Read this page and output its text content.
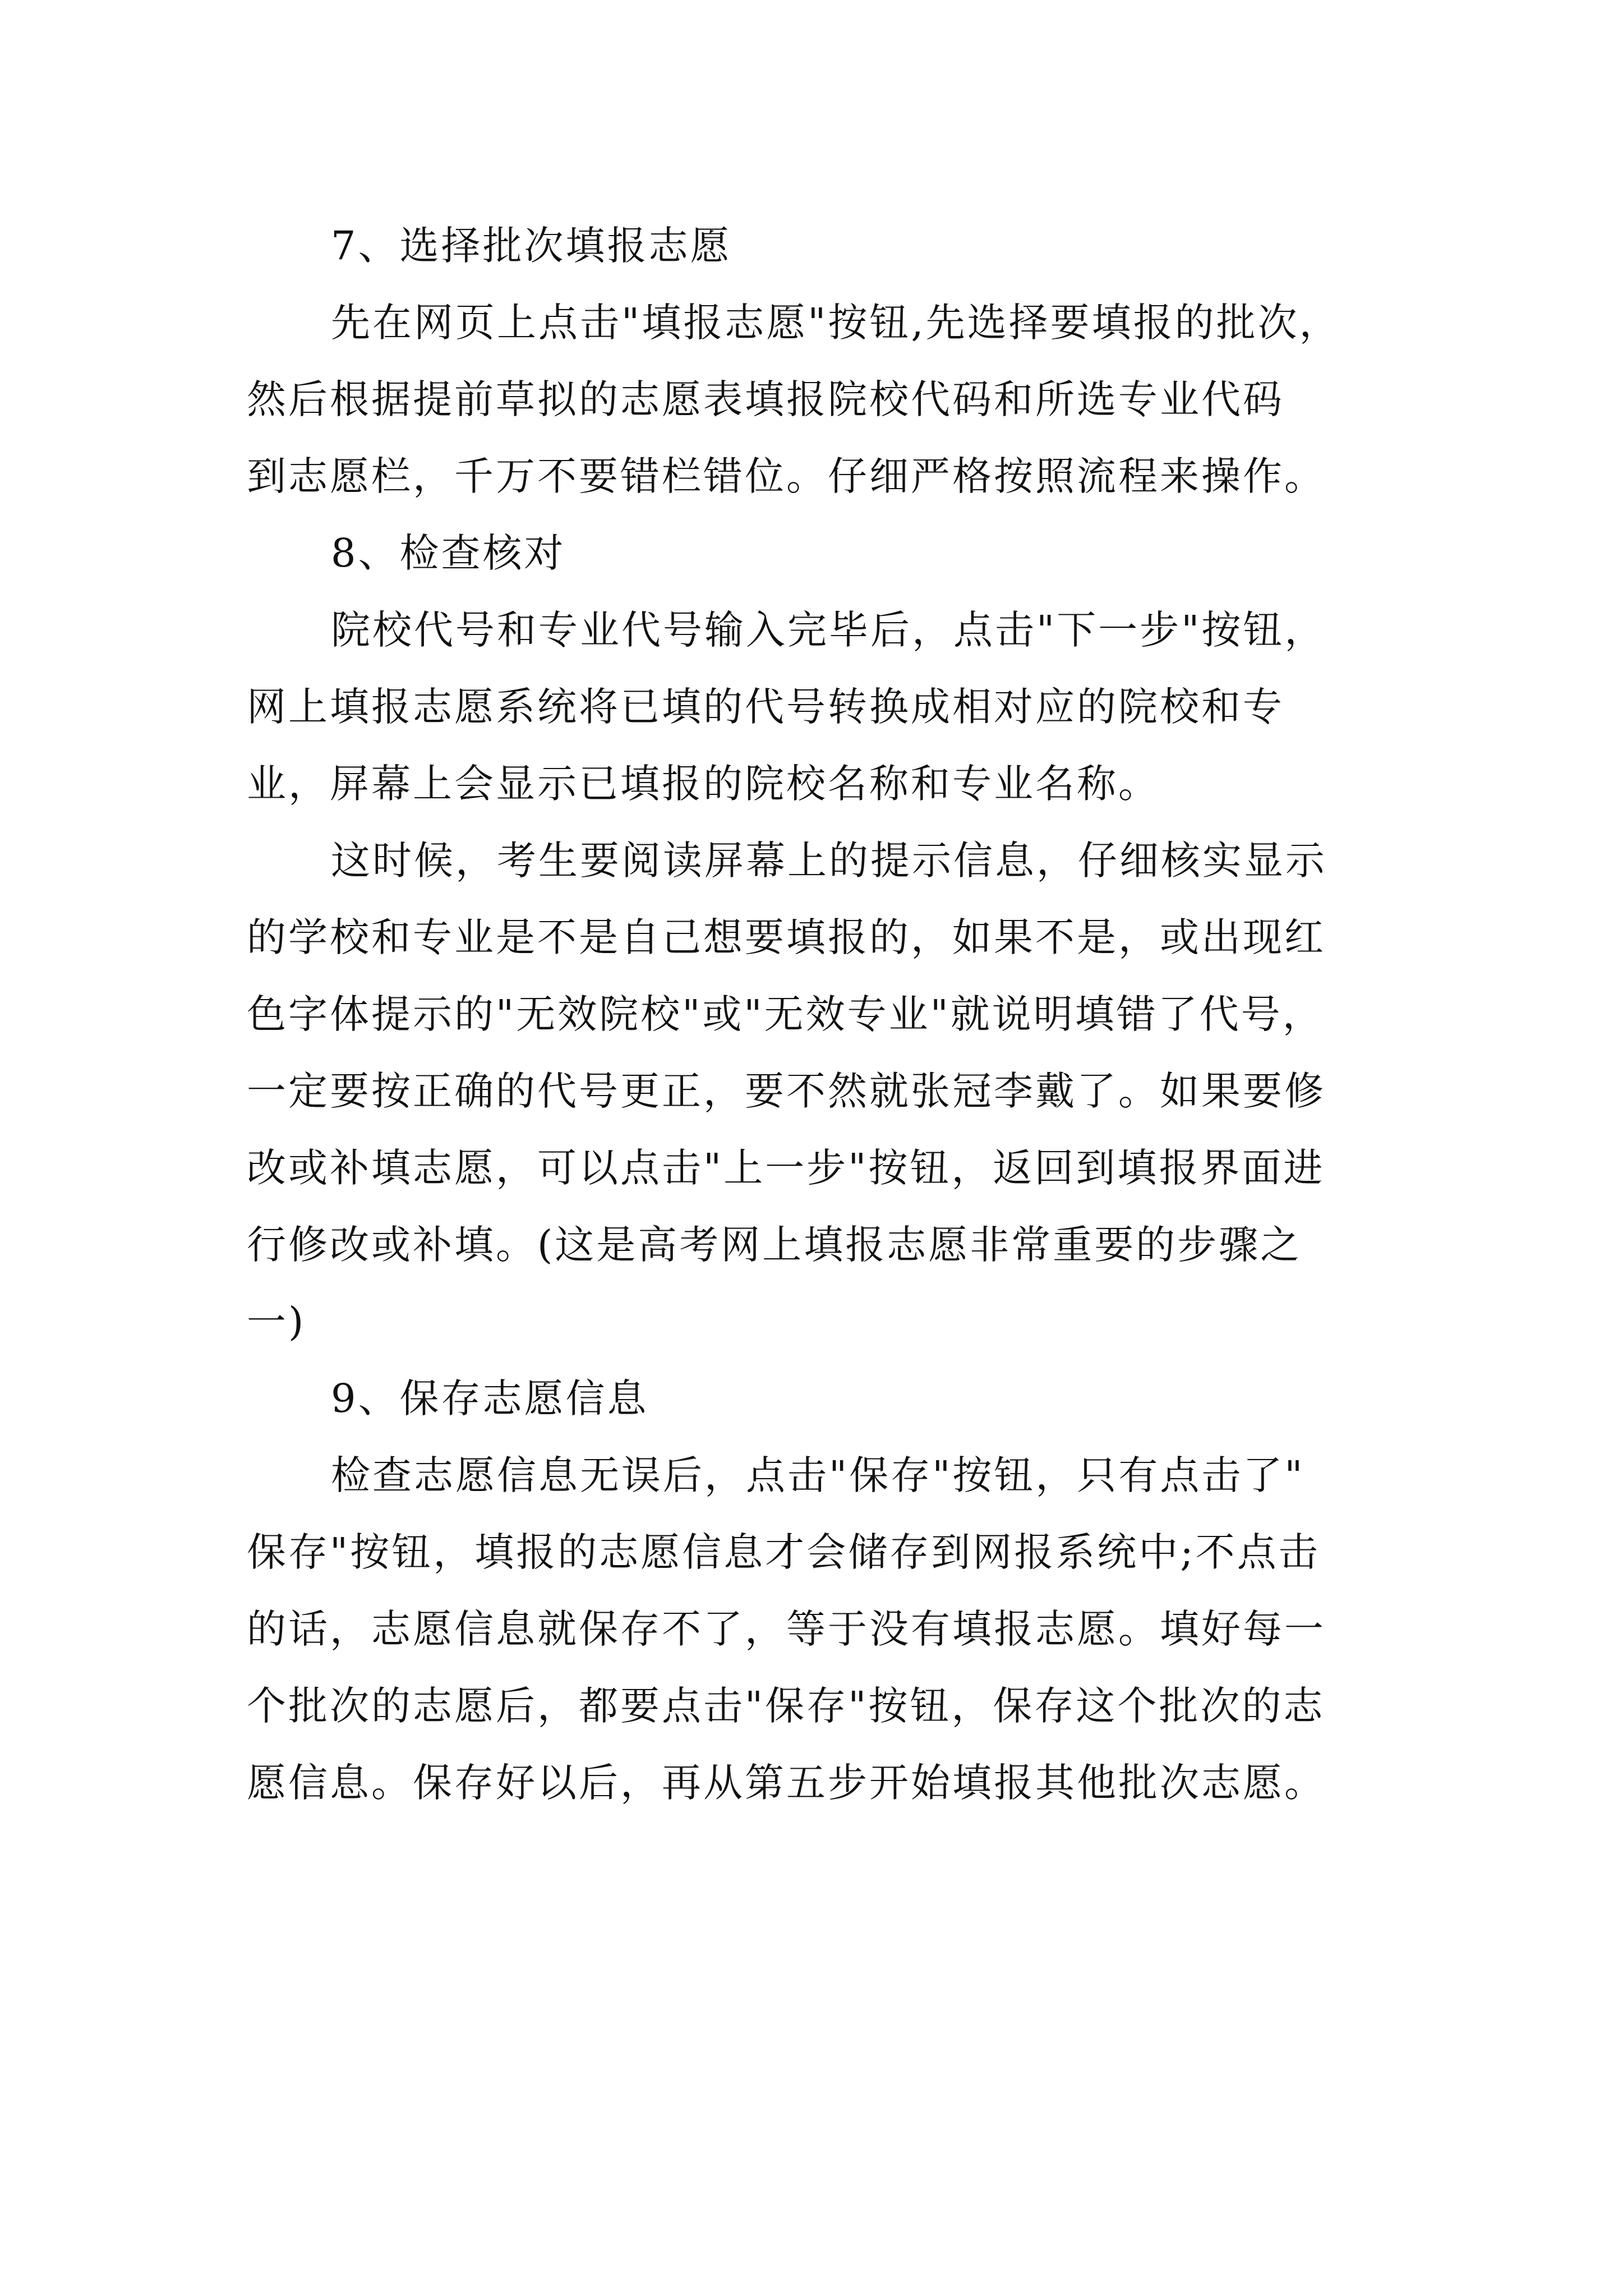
7、选择批次填报志愿
先在网页上点击"填报志愿"按钮,先选择要填报的批次，
然后根据提前草拟的志愿表填报院校代码和所选专业代码
到志愿栏，千万不要错栏错位。仔细严格按照流程来操作。
8、检查核对
院校代号和专业代号输入完毕后，点击"下一步"按钮，
网上填报志愿系统将已填的代号转换成相对应的院校和专
业，屏幕上会显示已填报的院校名称和专业名称。
这时候，考生要阅读屏幕上的提示信息，仔细核实显示
的学校和专业是不是自己想要填报的，如果不是，或出现红
色字体提示的"无效院校"或"无效专业"就说明填错了代号，
一定要按正确的代号更正，要不然就张冠李戴了。如果要修
改或补填志愿，可以点击"上一步"按钮，返回到填报界面进
行修改或补填。(这是高考网上填报志愿非常重要的步骤之
一)
9、保存志愿信息
检查志愿信息无误后，点击"保存"按钮，只有点击了"
保存"按钮，填报的志愿信息才会储存到网报系统中;不点击
的话，志愿信息就保存不了，等于没有填报志愿。填好每一
个批次的志愿后，都要点击"保存"按钮，保存这个批次的志
愿信息。保存好以后，再从第五步开始填报其他批次志愿。
